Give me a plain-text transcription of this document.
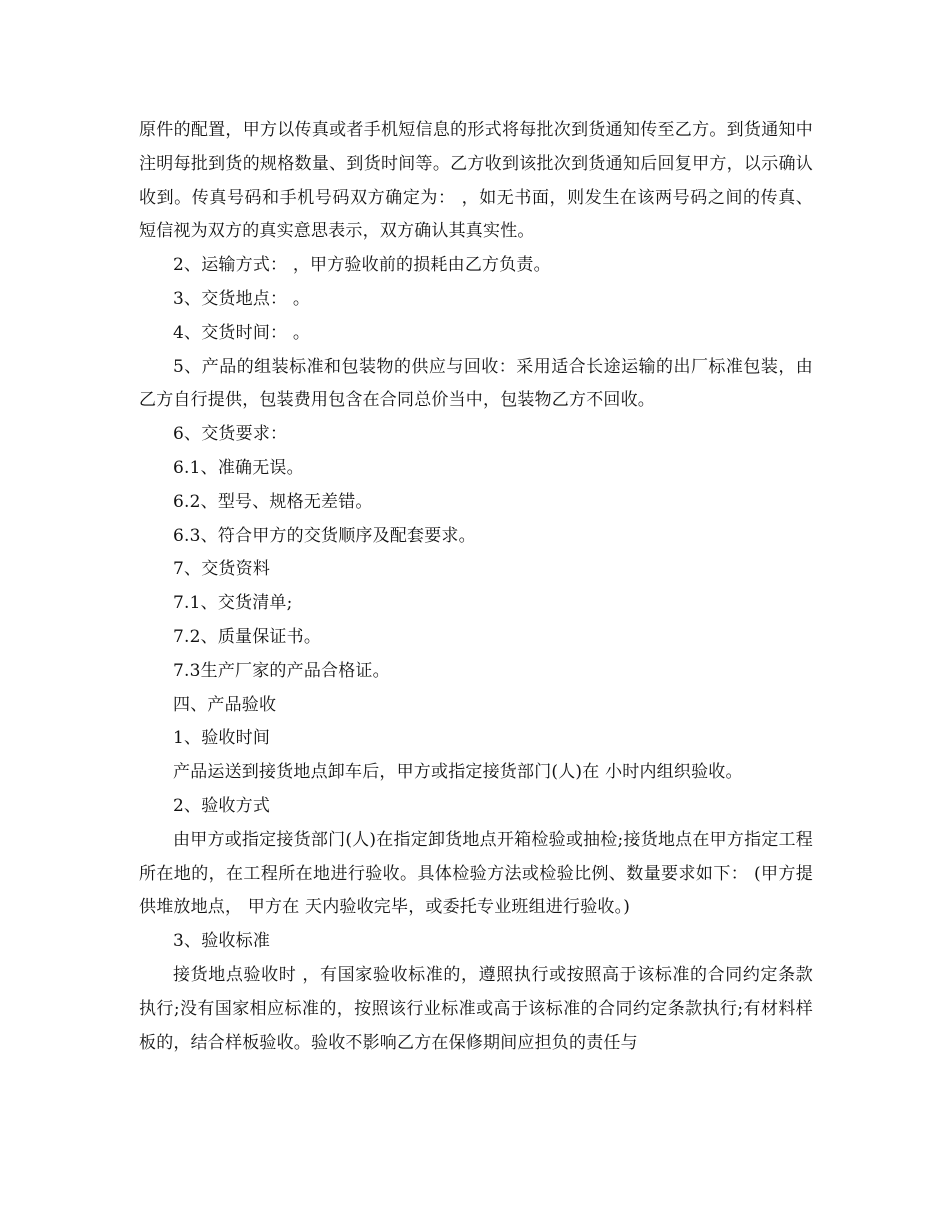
原件的配置，甲方以传真或者手机短信息的形式将每批次到货通知传至乙方。到货通知中注明每批到货的规格数量、到货时间等。乙方收到该批次到货通知后回复甲方，以示确认收到。传真号码和手机号码双方确定为： ，如无书面，则发生在该两号码之间的传真、短信视为双方的真实意思表示，双方确认其真实性。

2、运输方式： ，甲方验收前的损耗由乙方负责。

3、交货地点： 。

4、交货时间： 。

5、产品的组装标准和包装物的供应与回收：采用适合长途运输的出厂标准包装，由乙方自行提供，包装费用包含在合同总价当中，包装物乙方不回收。

6、交货要求：

6.1、准确无误。

6.2、型号、规格无差错。

6.3、符合甲方的交货顺序及配套要求。

7、交货资料

7.1、交货清单;

7.2、质量保证书。

7.3生产厂家的产品合格证。

四、产品验收

1、验收时间

产品运送到接货地点卸车后，甲方或指定接货部门(人)在 小时内组织验收。

2、验收方式

由甲方或指定接货部门(人)在指定卸货地点开箱检验或抽检;接货地点在甲方指定工程所在地的，在工程所在地进行验收。具体检验方法或检验比例、数量要求如下： (甲方提供堆放地点， 甲方在 天内验收完毕，或委托专业班组进行验收。)

3、验收标准

接货地点验收时 ，有国家验收标准的，遵照执行或按照高于该标准的合同约定条款执行;没有国家相应标准的，按照该行业标准或高于该标准的合同约定条款执行;有材料样板的，结合样板验收。验收不影响乙方在保修期间应担负的责任与
